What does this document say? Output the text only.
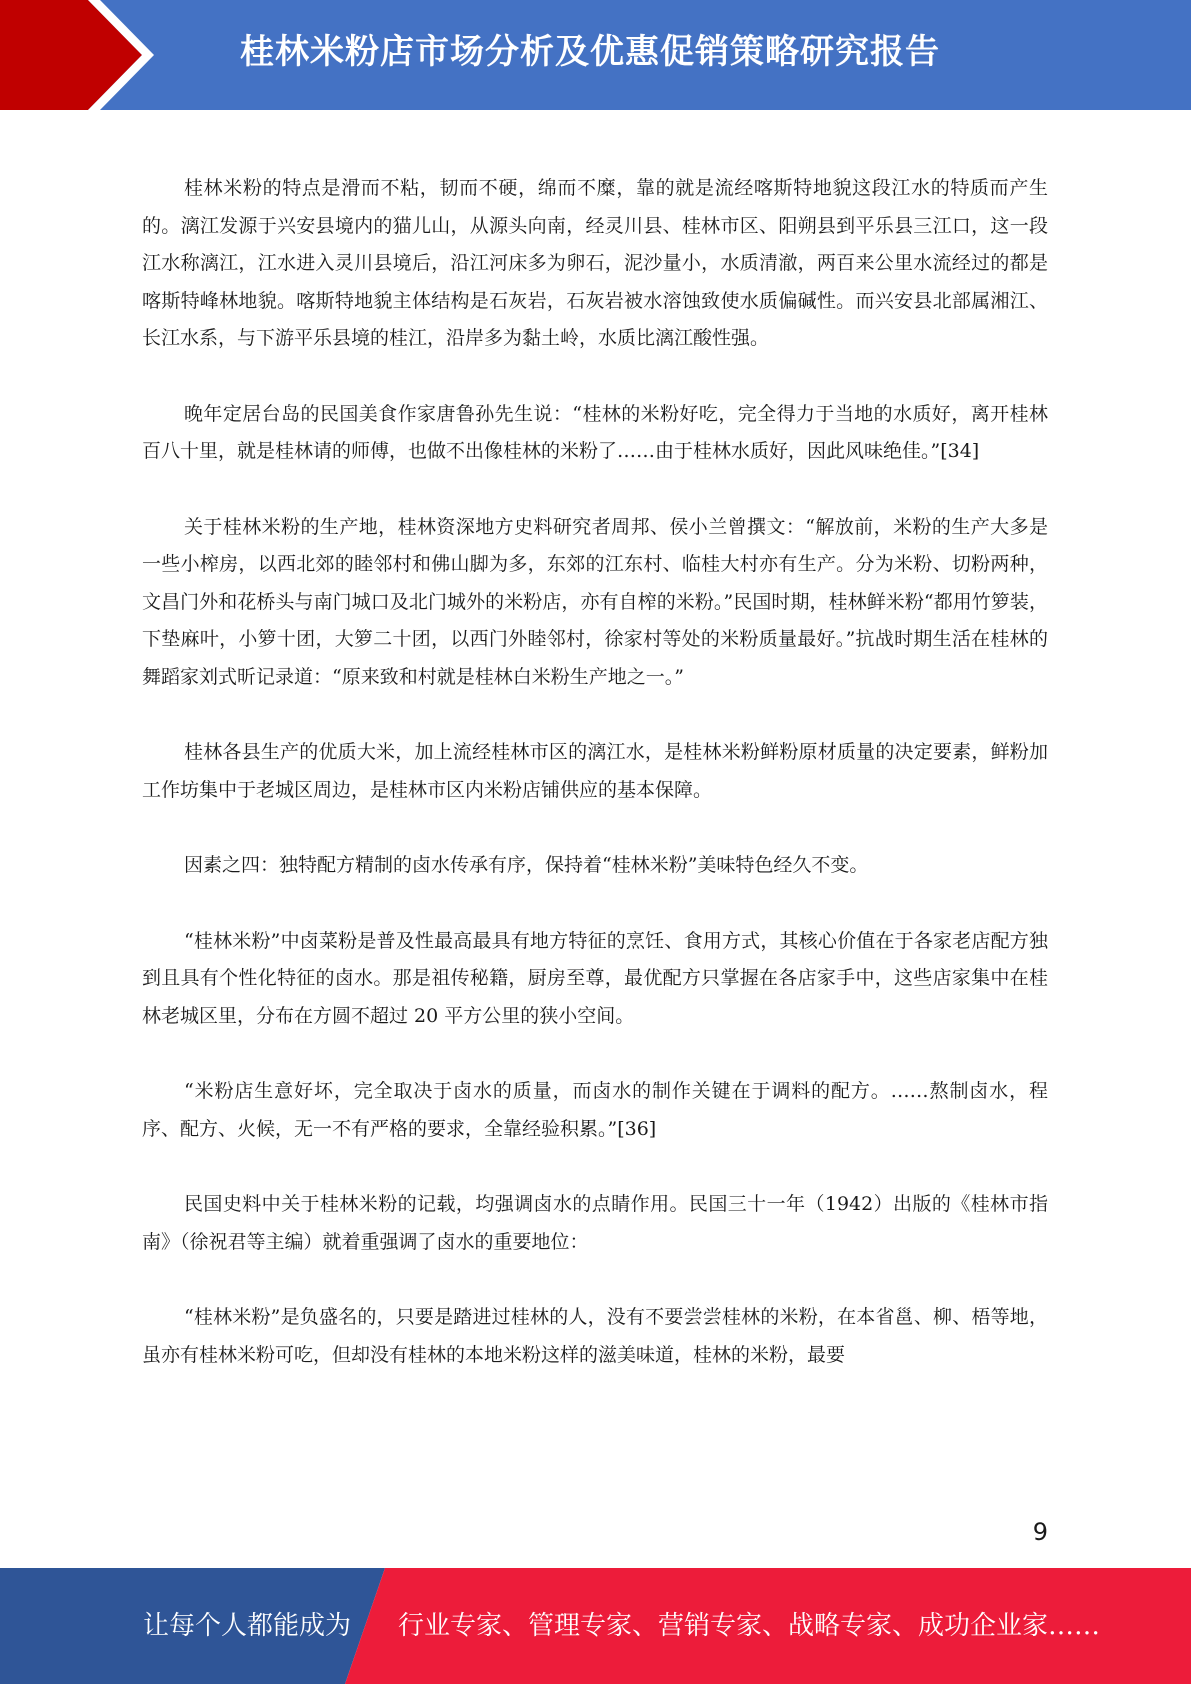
桂林米粉店市场分析及优惠促销策略研究报告

桂林米粉的特点是滑而不粘，韧而不硬，绵而不糜，靠的就是流经喀斯特地貌这段江水的特质而产生的。漓江发源于兴安县境内的猫儿山，从源头向南，经灵川县、桂林市区、阳朔县到平乐县三江口，这一段江水称漓江，江水进入灵川县境后，沿江河床多为卵石，泥沙量小，水质清澈，两百来公里水流经过的都是喀斯特峰林地貌。喀斯特地貌主体结构是石灰岩，石灰岩被水溶蚀致使水质偏碱性。而兴安县北部属湘江、长江水系，与下游平乐县境的桂江，沿岸多为黏土岭，水质比漓江酸性强。

晚年定居台岛的民国美食作家唐鲁孙先生说：“桂林的米粉好吃，完全得力于当地的水质好，离开桂林百八十里，就是桂林请的师傅，也做不出像桂林的米粉了……由于桂林水质好，因此风味绝佳。”[34]

关于桂林米粉的生产地，桂林资深地方史料研究者周邦、侯小兰曾撰文：“解放前，米粉的生产大多是一些小榨房，以西北郊的睦邻村和佛山脚为多，东郊的江东村、临桂大村亦有生产。分为米粉、切粉两种，文昌门外和花桥头与南门城口及北门城外的米粉店，亦有自榨的米粉。”民国时期，桂林鲜米粉“都用竹箩装，下垫麻叶，小箩十团，大箩二十团，以西门外睦邻村，徐家村等处的米粉质量最好。”抗战时期生活在桂林的舞蹈家刘式昕记录道：“原来致和村就是桂林白米粉生产地之一。”

桂林各县生产的优质大米，加上流经桂林市区的漓江水，是桂林米粉鲜粉原材质量的决定要素，鲜粉加工作坊集中于老城区周边，是桂林市区内米粉店铺供应的基本保障。

因素之四：独特配方精制的卤水传承有序，保持着“桂林米粉”美味特色经久不变。

“桂林米粉”中卤菜粉是普及性最高最具有地方特征的烹饪、食用方式，其核心价值在于各家老店配方独到且具有个性化特征的卤水。那是祖传秘籍，厨房至尊，最优配方只掌握在各店家手中，这些店家集中在桂林老城区里，分布在方圆不超过 20 平方公里的狭小空间。

“米粉店生意好坏，完全取决于卤水的质量，而卤水的制作关键在于调料的配方。……熬制卤水，程序、配方、火候，无一不有严格的要求，全靠经验积累。”[36]

民国史料中关于桂林米粉的记载，均强调卤水的点睛作用。民国三十一年（1942）出版的《桂林市指南》（徐祝君等主编）就着重强调了卤水的重要地位：

“桂林米粉”是负盛名的，只要是踏进过桂林的人，没有不要尝尝桂林的米粉，在本省邕、柳、梧等地，虽亦有桂林米粉可吃，但却没有桂林的本地米粉这样的滋美味道，桂林的米粉，最要

9
让每个人都能成为 行业专家、管理专家、营销专家、战略专家、成功企业家……
